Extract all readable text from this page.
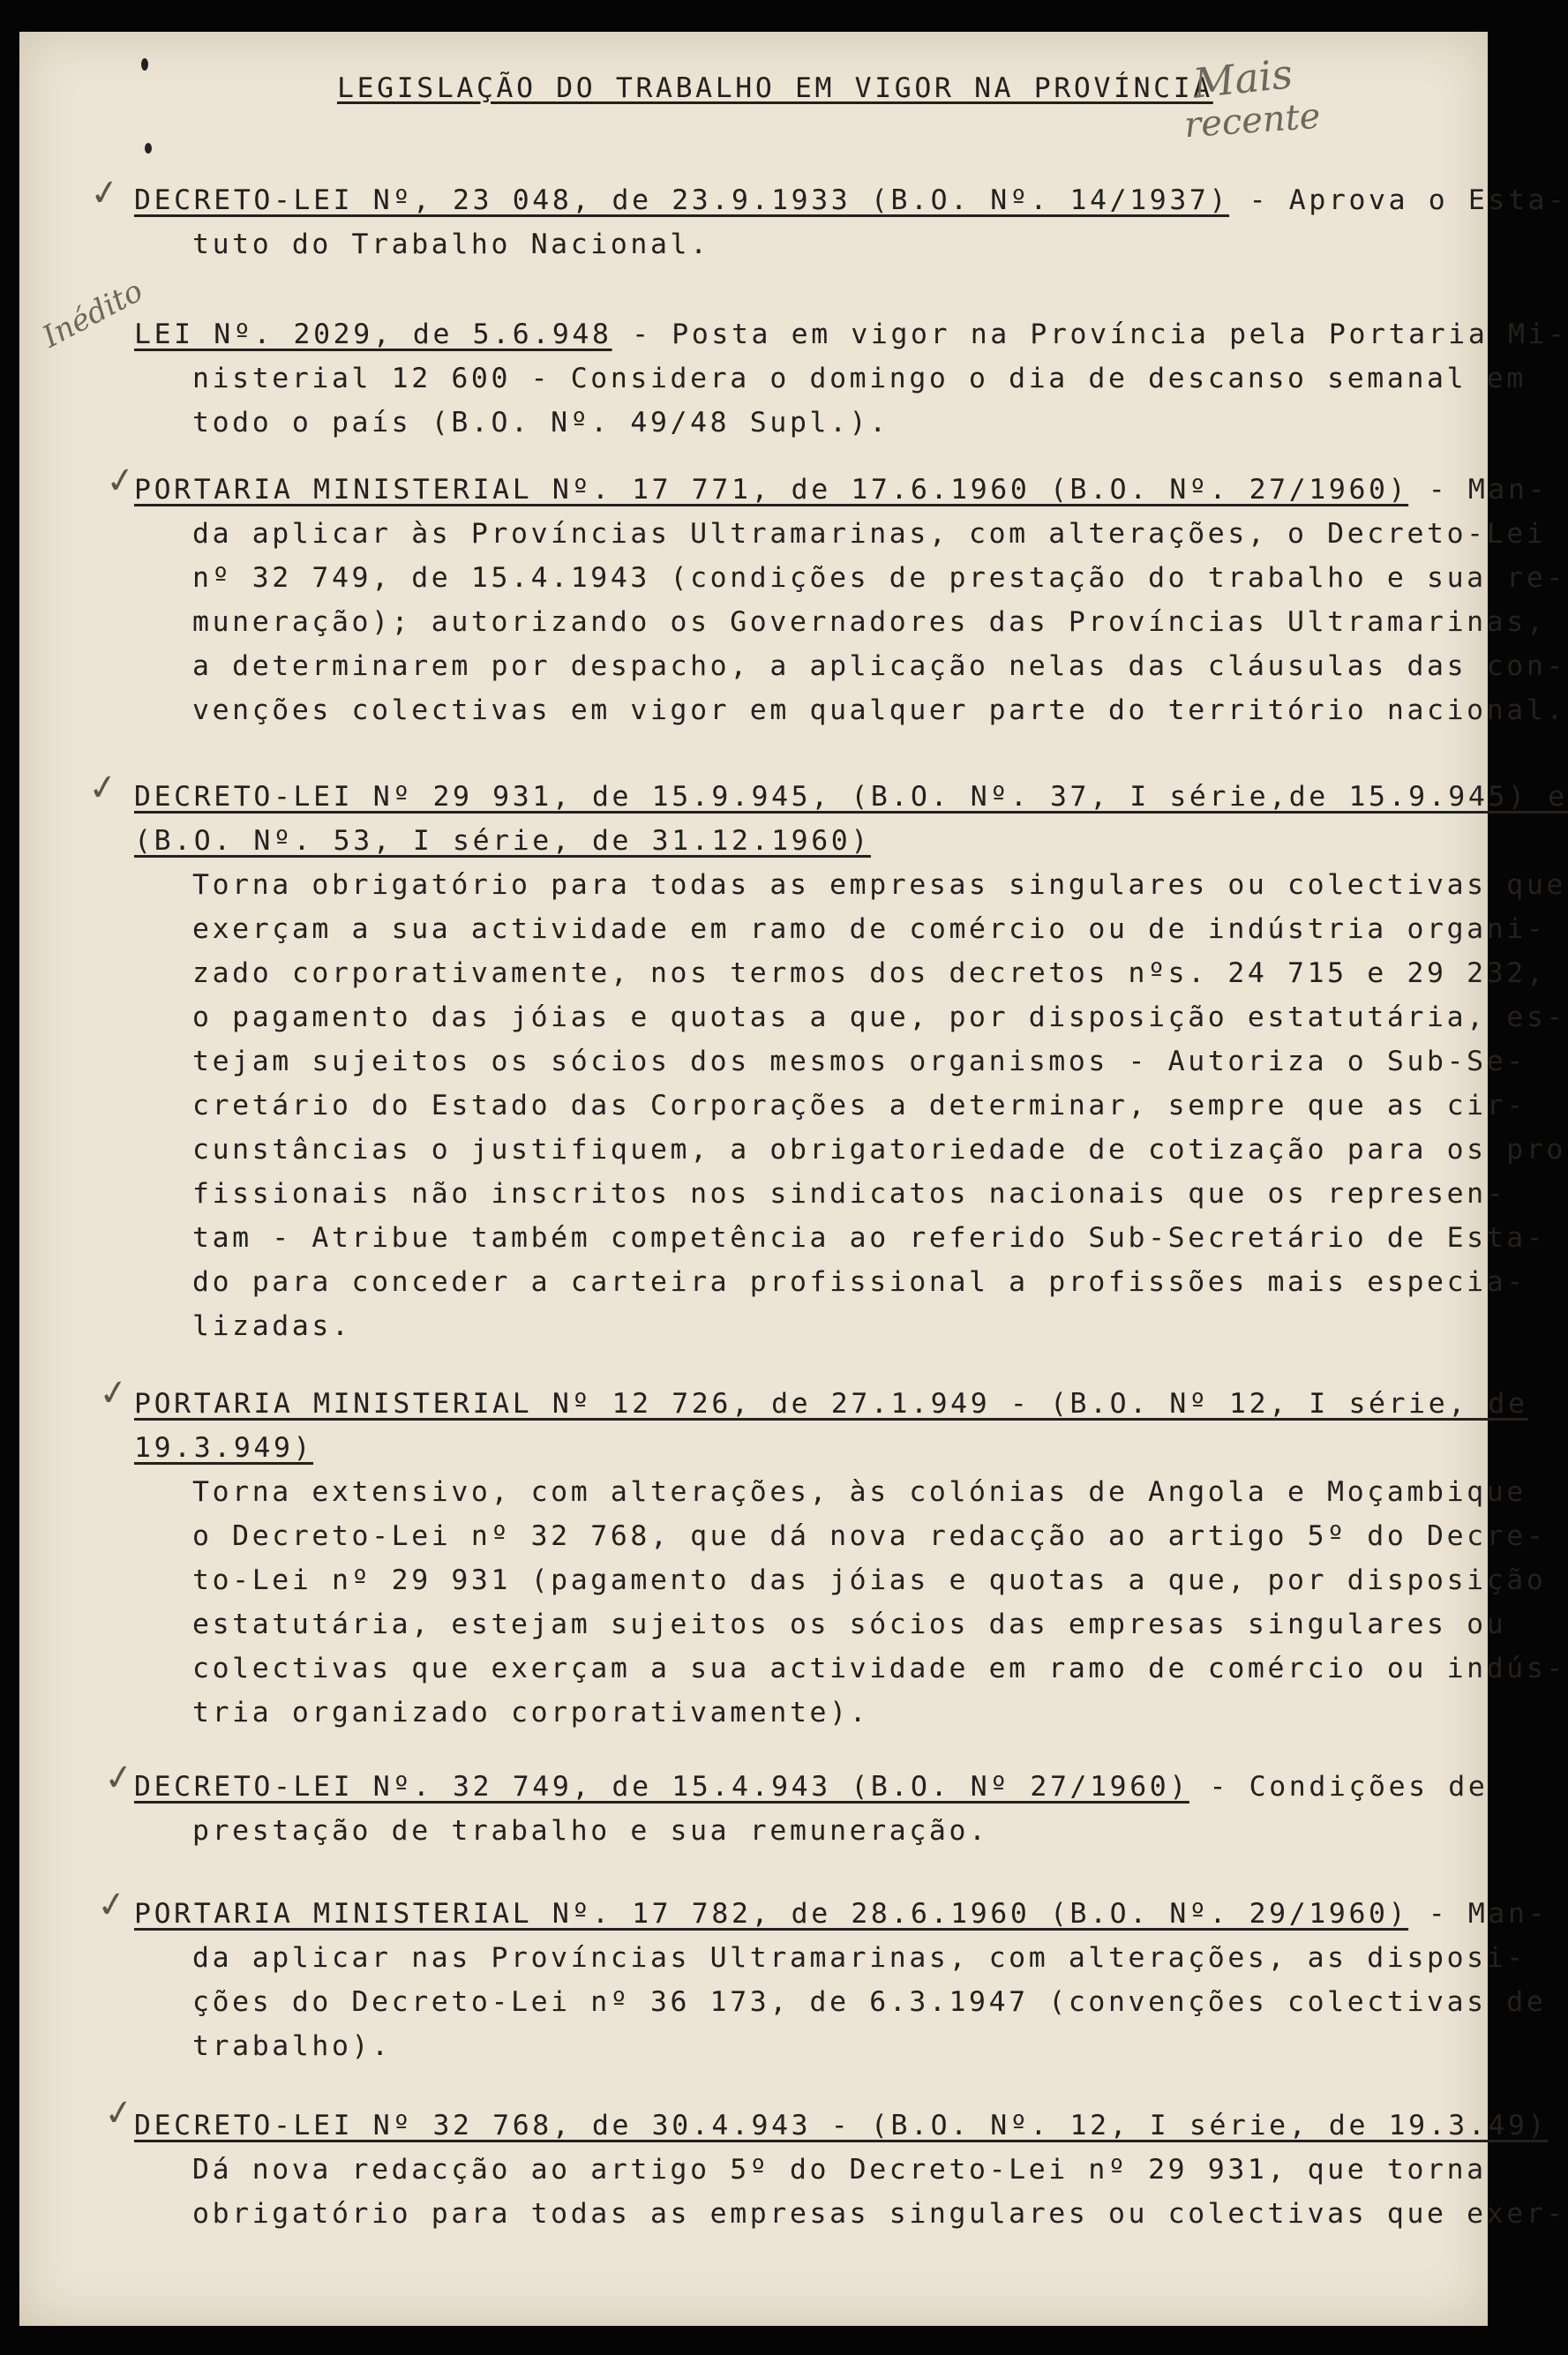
LEGISLAÇÃO DO TRABALHO EM VIGOR NA PROVÍNCIA
Mais
recente
Inédito
✓ DECRETO-LEI Nº, 23 048, de 23.9.1933 (B.O. Nº. 14/1937) - Aprova o Esta-
tuto do Trabalho Nacional.
LEI Nº. 2029, de 5.6.948 - Posta em vigor na Província pela Portaria Mi-
nisterial 12 600 - Considera o domingo o dia de descanso semanal em
todo o país (B.O. Nº. 49/48 Supl.).
✓
PORTARIA MINISTERIAL Nº. 17 771, de 17.6.1960 (B.O. Nº. 27/1960) - Man-
da aplicar às Províncias Ultramarinas, com alterações, o Decreto-Lei
nº 32 749, de 15.4.1943 (condições de prestação do trabalho e sua re-
muneração); autorizando os Governadores das Províncias Ultramarinas,
a determinarem por despacho, a aplicação nelas das cláusulas das con-
venções colectivas em vigor em qualquer parte do território nacional.
✓ DECRETO-LEI Nº 29 931, de 15.9.945, (B.O. Nº. 37, I série,de 15.9.945) e
(B.O. Nº. 53, I série, de 31.12.1960)
Torna obrigatório para todas as empresas singulares ou colectivas que
exerçam a sua actividade em ramo de comércio ou de indústria organi-
zado corporativamente, nos termos dos decretos nºs. 24 715 e 29 232,
o pagamento das jóias e quotas a que, por disposição estatutária, es-
tejam sujeitos os sócios dos mesmos organismos - Autoriza o Sub-Se-
cretário do Estado das Corporações a determinar, sempre que as cir-
cunstâncias o justifiquem, a obrigatoriedade de cotização para os pro
fissionais não inscritos nos sindicatos nacionais que os represen-
tam - Atribue também competência ao referido Sub-Secretário de Esta-
do para conceder a carteira profissional a profissões mais especia-
lizadas.
✓ PORTARIA MINISTERIAL Nº 12 726, de 27.1.949 - (B.O. Nº 12, I série, de
19.3.949)
Torna extensivo, com alterações, às colónias de Angola e Moçambique
o Decreto-Lei nº 32 768, que dá nova redacção ao artigo 5º do Decre-
to-Lei nº 29 931 (pagamento das jóias e quotas a que, por disposição
estatutária, estejam sujeitos os sócios das empresas singulares ou
colectivas que exerçam a sua actividade em ramo de comércio ou indús-
tria organizado corporativamente).
✓
DECRETO-LEI Nº. 32 749, de 15.4.943 (B.O. Nº 27/1960) - Condições de
prestação de trabalho e sua remuneração.
✓ PORTARIA MINISTERIAL Nº. 17 782, de 28.6.1960 (B.O. Nº. 29/1960) - Man-
da aplicar nas Províncias Ultramarinas, com alterações, as disposi-
ções do Decreto-Lei nº 36 173, de 6.3.1947 (convenções colectivas de
trabalho).
✓
DECRETO-LEI Nº 32 768, de 30.4.943 - (B.O. Nº. 12, I série, de 19.3.49)
Dá nova redacção ao artigo 5º do Decreto-Lei nº 29 931, que torna
obrigatório para todas as empresas singulares ou colectivas que exer-
